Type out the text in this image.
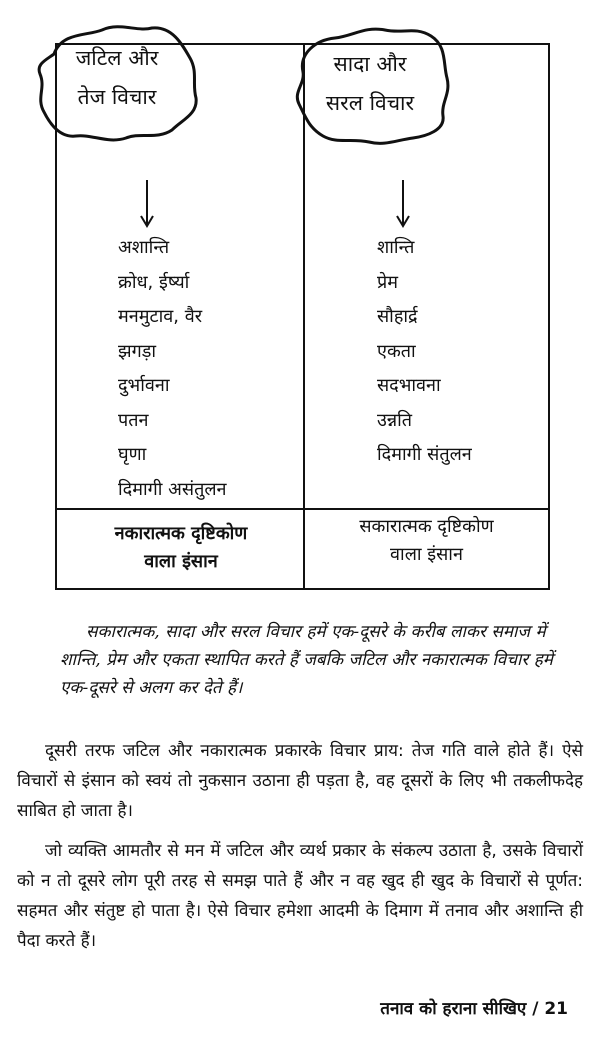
जटिल और
तेज विचार
सादा और
सरल विचार
अशान्ति
क्रोध, ईर्ष्या
मनमुटाव, वैर
झगड़ा
दुर्भावना
पतन
घृणा
दिमागी असंतुलन
शान्ति
प्रेम
सौहार्द्र
एकता
सदभावना
उन्नति
दिमागी संतुलन
नकारात्मक दृष्टिकोण
वाला इंसान
सकारात्मक दृष्टिकोण
वाला इंसान

सकारात्मक, सादा और सरल विचार हमें एक-दूसरे के करीब लाकर समाज में शान्ति, प्रेम और एकता स्थापित करते हैं जबकि जटिल और नकारात्मक विचार हमें एक-दूसरे से अलग कर देते हैं।

दूसरी तरफ जटिल और नकारात्मक प्रकारके विचार प्राय: तेज गति वाले होते हैं। ऐसे विचारों से इंसान को स्वयं तो नुकसान उठाना ही पड़ता है, वह दूसरों के लिए भी तकलीफदेह साबित हो जाता है।

जो व्यक्ति आमतौर से मन में जटिल और व्यर्थ प्रकार के संकल्प उठाता है, उसके विचारों को न तो दूसरे लोग पूरी तरह से समझ पाते हैं और न वह खुद ही खुद के विचारों से पूर्णत: सहमत और संतुष्ट हो पाता है। ऐसे विचार हमेशा आदमी के दिमाग में तनाव और अशान्ति ही पैदा करते हैं।

तनाव को हराना सीखिए / 21
